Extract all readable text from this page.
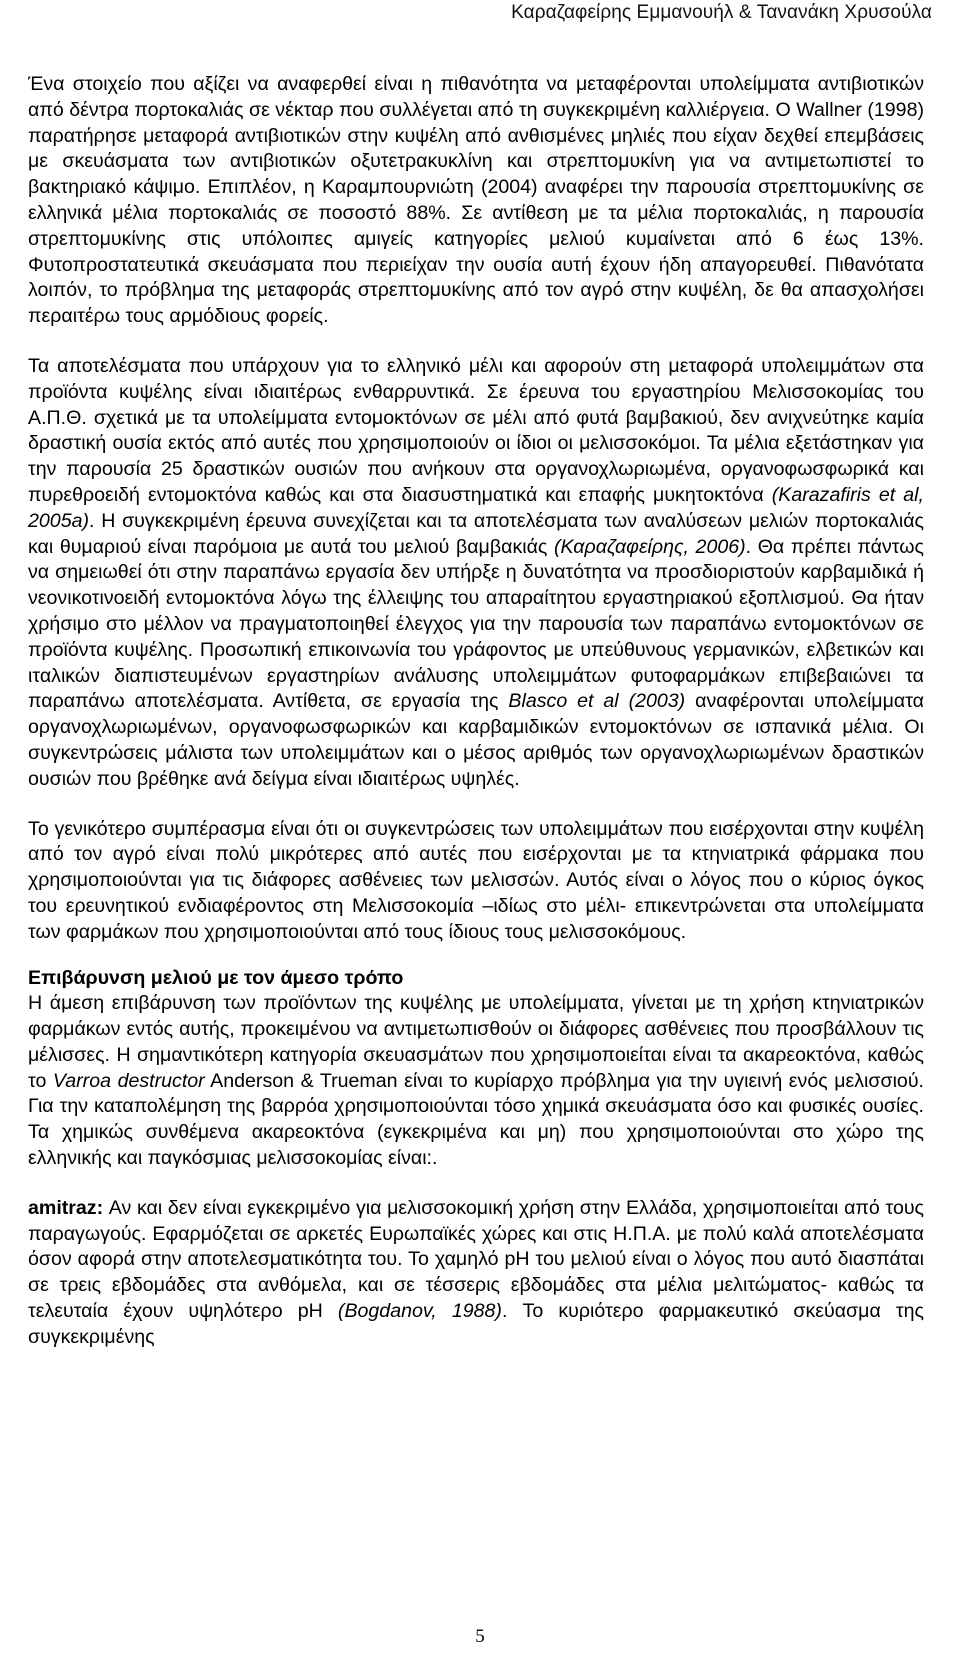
Καραζαφείρης Εμμανουήλ & Τανανάκη Χρυσούλα

Ένα στοιχείο που αξίζει να αναφερθεί είναι η πιθανότητα να μεταφέρονται υπολείμματα αντιβιοτικών από δέντρα πορτοκαλιάς σε νέκταρ που συλλέγεται από τη συγκεκριμένη καλλιέργεια. Ο Wallner (1998) παρατήρησε μεταφορά αντιβιοτικών στην κυψέλη από ανθισμένες μηλιές που είχαν δεχθεί επεμβάσεις με σκευάσματα των αντιβιοτικών οξυτετρακυκλίνη και στρεπτομυκίνη για να αντιμετωπιστεί το βακτηριακό κάψιμο. Επιπλέον, η Καραμπουρνιώτη (2004) αναφέρει την παρουσία στρεπτομυκίνης σε ελληνικά μέλια πορτοκαλιάς σε ποσοστό 88%. Σε αντίθεση με τα μέλια πορτοκαλιάς, η παρουσία στρεπτομυκίνης στις υπόλοιπες αμιγείς κατηγορίες μελιού κυμαίνεται από 6 έως 13%. Φυτοπροστατευτικά σκευάσματα που περιείχαν την ουσία αυτή έχουν ήδη απαγορευθεί. Πιθανότατα λοιπόν, το πρόβλημα της μεταφοράς στρεπτομυκίνης από τον αγρό στην κυψέλη, δε θα απασχολήσει περαιτέρω τους αρμόδιους φορείς.

Τα αποτελέσματα που υπάρχουν για το ελληνικό μέλι και αφορούν στη μεταφορά υπολειμμάτων στα προϊόντα κυψέλης είναι ιδιαιτέρως ενθαρρυντικά. Σε έρευνα του εργαστηρίου Μελισσοκομίας του Α.Π.Θ. σχετικά με τα υπολείμματα εντομοκτόνων σε μέλι από φυτά βαμβακιού, δεν ανιχνεύτηκε καμία δραστική ουσία εκτός από αυτές που χρησιμοποιούν οι ίδιοι οι μελισσοκόμοι. Τα μέλια εξετάστηκαν για την παρουσία 25 δραστικών ουσιών που ανήκουν στα οργανοχλωριωμένα, οργανοφωσφωρικά και πυρεθροειδή εντομοκτόνα καθώς και στα διασυστηματικά και επαφής μυκητοκτόνα (Karazafiris et al, 2005a). Η συγκεκριμένη έρευνα συνεχίζεται και τα αποτελέσματα των αναλύσεων μελιών πορτοκαλιάς και θυμαριού είναι παρόμοια με αυτά του μελιού βαμβακιάς (Καραζαφείρης, 2006). Θα πρέπει πάντως να σημειωθεί ότι στην παραπάνω εργασία δεν υπήρξε η δυνατότητα να προσδιοριστούν καρβαμιδικά ή νεονικοτινοειδή εντομοκτόνα λόγω της έλλειψης του απαραίτητου εργαστηριακού εξοπλισμού. Θα ήταν χρήσιμο στο μέλλον να πραγματοποιηθεί έλεγχος για την παρουσία των παραπάνω εντομοκτόνων σε προϊόντα κυψέλης. Προσωπική επικοινωνία του γράφοντος με υπεύθυνους γερμανικών, ελβετικών και ιταλικών διαπιστευμένων εργαστηρίων ανάλυσης υπολειμμάτων φυτοφαρμάκων επιβεβαιώνει τα παραπάνω αποτελέσματα. Αντίθετα, σε εργασία της Blasco et al (2003) αναφέρονται υπολείμματα οργανοχλωριωμένων, οργανοφωσφωρικών και καρβαμιδικών εντομοκτόνων σε ισπανικά μέλια. Οι συγκεντρώσεις μάλιστα των υπολειμμάτων και ο μέσος αριθμός των οργανοχλωριωμένων δραστικών ουσιών που βρέθηκε ανά δείγμα είναι ιδιαιτέρως υψηλές.

Το γενικότερο συμπέρασμα είναι ότι οι συγκεντρώσεις των υπολειμμάτων που εισέρχονται στην κυψέλη από τον αγρό είναι πολύ μικρότερες από αυτές που εισέρχονται με τα κτηνιατρικά φάρμακα που χρησιμοποιούνται για τις διάφορες ασθένειες των μελισσών. Αυτός είναι ο λόγος που ο κύριος όγκος του ερευνητικού ενδιαφέροντος στη Μελισσοκομία –ιδίως στο μέλι- επικεντρώνεται στα υπολείμματα των φαρμάκων που χρησιμοποιούνται από τους ίδιους τους μελισσοκόμους.

Επιβάρυνση μελιού με τον άμεσο τρόπο
Η άμεση επιβάρυνση των προϊόντων της κυψέλης με υπολείμματα, γίνεται με τη χρήση κτηνιατρικών φαρμάκων εντός αυτής, προκειμένου να αντιμετωπισθούν οι διάφορες ασθένειες που προσβάλλουν τις μέλισσες. Η σημαντικότερη κατηγορία σκευασμάτων που χρησιμοποιείται είναι τα ακαρεοκτόνα, καθώς το Varroa destructor Anderson & Trueman είναι το κυρίαρχο πρόβλημα για την υγιεινή ενός μελισσιού. Για την καταπολέμηση της βαρρόα χρησιμοποιούνται τόσο χημικά σκευάσματα όσο και φυσικές ουσίες. Τα χημικώς συνθέμενα ακαρεοκτόνα (εγκεκριμένα και μη) που χρησιμοποιούνται στο χώρο της ελληνικής και παγκόσμιας μελισσοκομίας είναι:.

amitraz: Αν και δεν είναι εγκεκριμένο για μελισσοκομική χρήση στην Ελλάδα, χρησιμοποιείται από τους παραγωγούς. Εφαρμόζεται σε αρκετές Ευρωπαϊκές χώρες και στις Η.Π.Α. με πολύ καλά αποτελέσματα όσον αφορά στην αποτελεσματικότητα του. Το χαμηλό pH του μελιού είναι ο λόγος που αυτό διασπάται σε τρεις εβδομάδες στα ανθόμελα, και σε τέσσερις εβδομάδες στα μέλια μελιτώματος- καθώς τα τελευταία έχουν υψηλότερο pH (Bogdanov, 1988). Το κυριότερο φαρμακευτικό σκεύασμα της συγκεκριμένης

5
